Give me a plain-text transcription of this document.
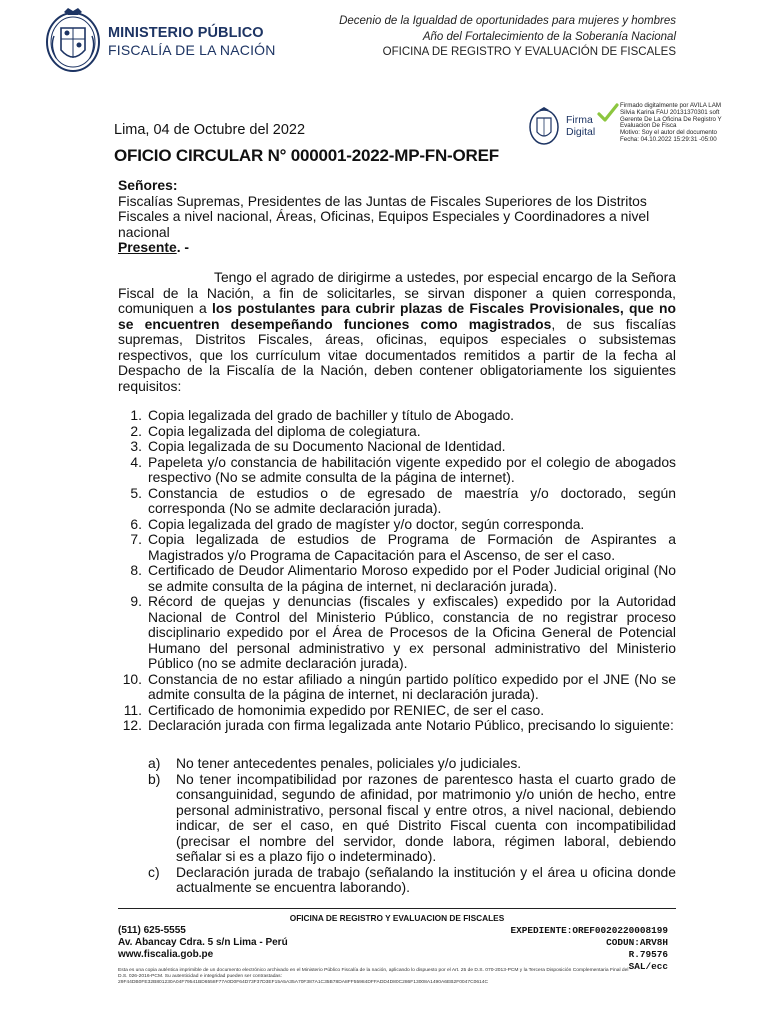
MINISTERIO PÚBLICO
FISCALÍA DE LA NACIÓN
Decenio de la Igualdad de oportunidades para mujeres y hombres
Año del Fortalecimiento de la Soberanía Nacional
OFICINA DE REGISTRO Y EVALUACIÓN DE FISCALES
Firma
Digital
Firmado digitalmente por AVILA LAM
Silvia Karina FAU 20131370301 soft
Gerente De La Oficina De Registro Y
Evaluacion De Fisca
Motivo: Soy el autor del documento
Fecha: 04.10.2022 15:29:31 -05:00
Lima, 04 de Octubre del 2022
OFICIO CIRCULAR N° 000001-2022-MP-FN-OREF
Señores:
Fiscalías Supremas, Presidentes de las Juntas de Fiscales Superiores de los Distritos Fiscales a nivel nacional, Áreas, Oficinas, Equipos Especiales y Coordinadores a nivel nacional
Presente. -
Tengo el agrado de dirigirme a ustedes, por especial encargo de la Señora Fiscal de la Nación, a fin de solicitarles, se sirvan disponer a quien corresponda, comuniquen a los postulantes para cubrir plazas de Fiscales Provisionales, que no se encuentren desempeñando funciones como magistrados, de sus fiscalías supremas, Distritos Fiscales, áreas, oficinas, equipos especiales o subsistemas respectivos, que los currículum vitae documentados remitidos a partir de la fecha al Despacho de la Fiscalía de la Nación, deben contener obligatoriamente los siguientes requisitos:
1. Copia legalizada del grado de bachiller y título de Abogado.
2. Copia legalizada del diploma de colegiatura.
3. Copia legalizada de su Documento Nacional de Identidad.
4. Papeleta y/o constancia de habilitación vigente expedido por el colegio de abogados respectivo (No se admite consulta de la página de internet).
5. Constancia de estudios o de egresado de maestría y/o doctorado, según corresponda (No se admite declaración jurada).
6. Copia legalizada del grado de magíster y/o doctor, según corresponda.
7. Copia legalizada de estudios de Programa de Formación de Aspirantes a Magistrados y/o Programa de Capacitación para el Ascenso, de ser el caso.
8. Certificado de Deudor Alimentario Moroso expedido por el Poder Judicial original (No se admite consulta de la página de internet, ni declaración jurada).
9. Récord de quejas y denuncias (fiscales y exfiscales) expedido por la Autoridad Nacional de Control del Ministerio Público, constancia de no registrar proceso disciplinario expedido por el Área de Procesos de la Oficina General de Potencial Humano del personal administrativo y ex personal administrativo del Ministerio Público (no se admite declaración jurada).
10. Constancia de no estar afiliado a ningún partido político expedido por el JNE (No se admite consulta de la página de internet, ni declaración jurada).
11. Certificado de homonimia expedido por RENIEC, de ser el caso.
12. Declaración jurada con firma legalizada ante Notario Público, precisando lo siguiente:
a)	No tener antecedentes penales, policiales y/o judiciales.
b)	No tener incompatibilidad por razones de parentesco hasta el cuarto grado de consanguinidad, segundo de afinidad, por matrimonio y/o unión de hecho, entre personal administrativo, personal fiscal y entre otros, a nivel nacional, debiendo indicar, de ser el caso, en qué Distrito Fiscal cuenta con incompatibilidad (precisar el nombre del servidor, donde labora, régimen laboral, debiendo señalar si es a plazo fijo o indeterminado).
c)	Declaración jurada de trabajo (señalando la institución y el área u oficina donde actualmente se encuentra laborando).
OFICINA DE REGISTRO Y EVALUACION DE FISCALES
(511) 625-5555
Av. Abancay Cdra. 5 s/n Lima - Perú
www.fiscalia.gob.pe
EXPEDIENTE:OREF0020220008199
CODUN:ARV8H
R.79576
SAL/ecc
Esta es una copia auténtica imprimible de un documento electrónico archivado en el Ministerio Público Fiscalía de la nación, aplicando lo dispuesto por el Art. 25 de D.S. 070-2013-PCM y la Tercera Disposición Complementaria Final del
D.S. 026-2016-PCM. Su autenticidad e integridad pueden ser contrastadas:
29F44DB0FE32B801230A04F79541BD6558F77A0D0F64D73F37D3EF15A5A35A70F387A1C35B78DA8FF55984DFFADD4D80C286F13008A1490A6EB2F0047C0614C
